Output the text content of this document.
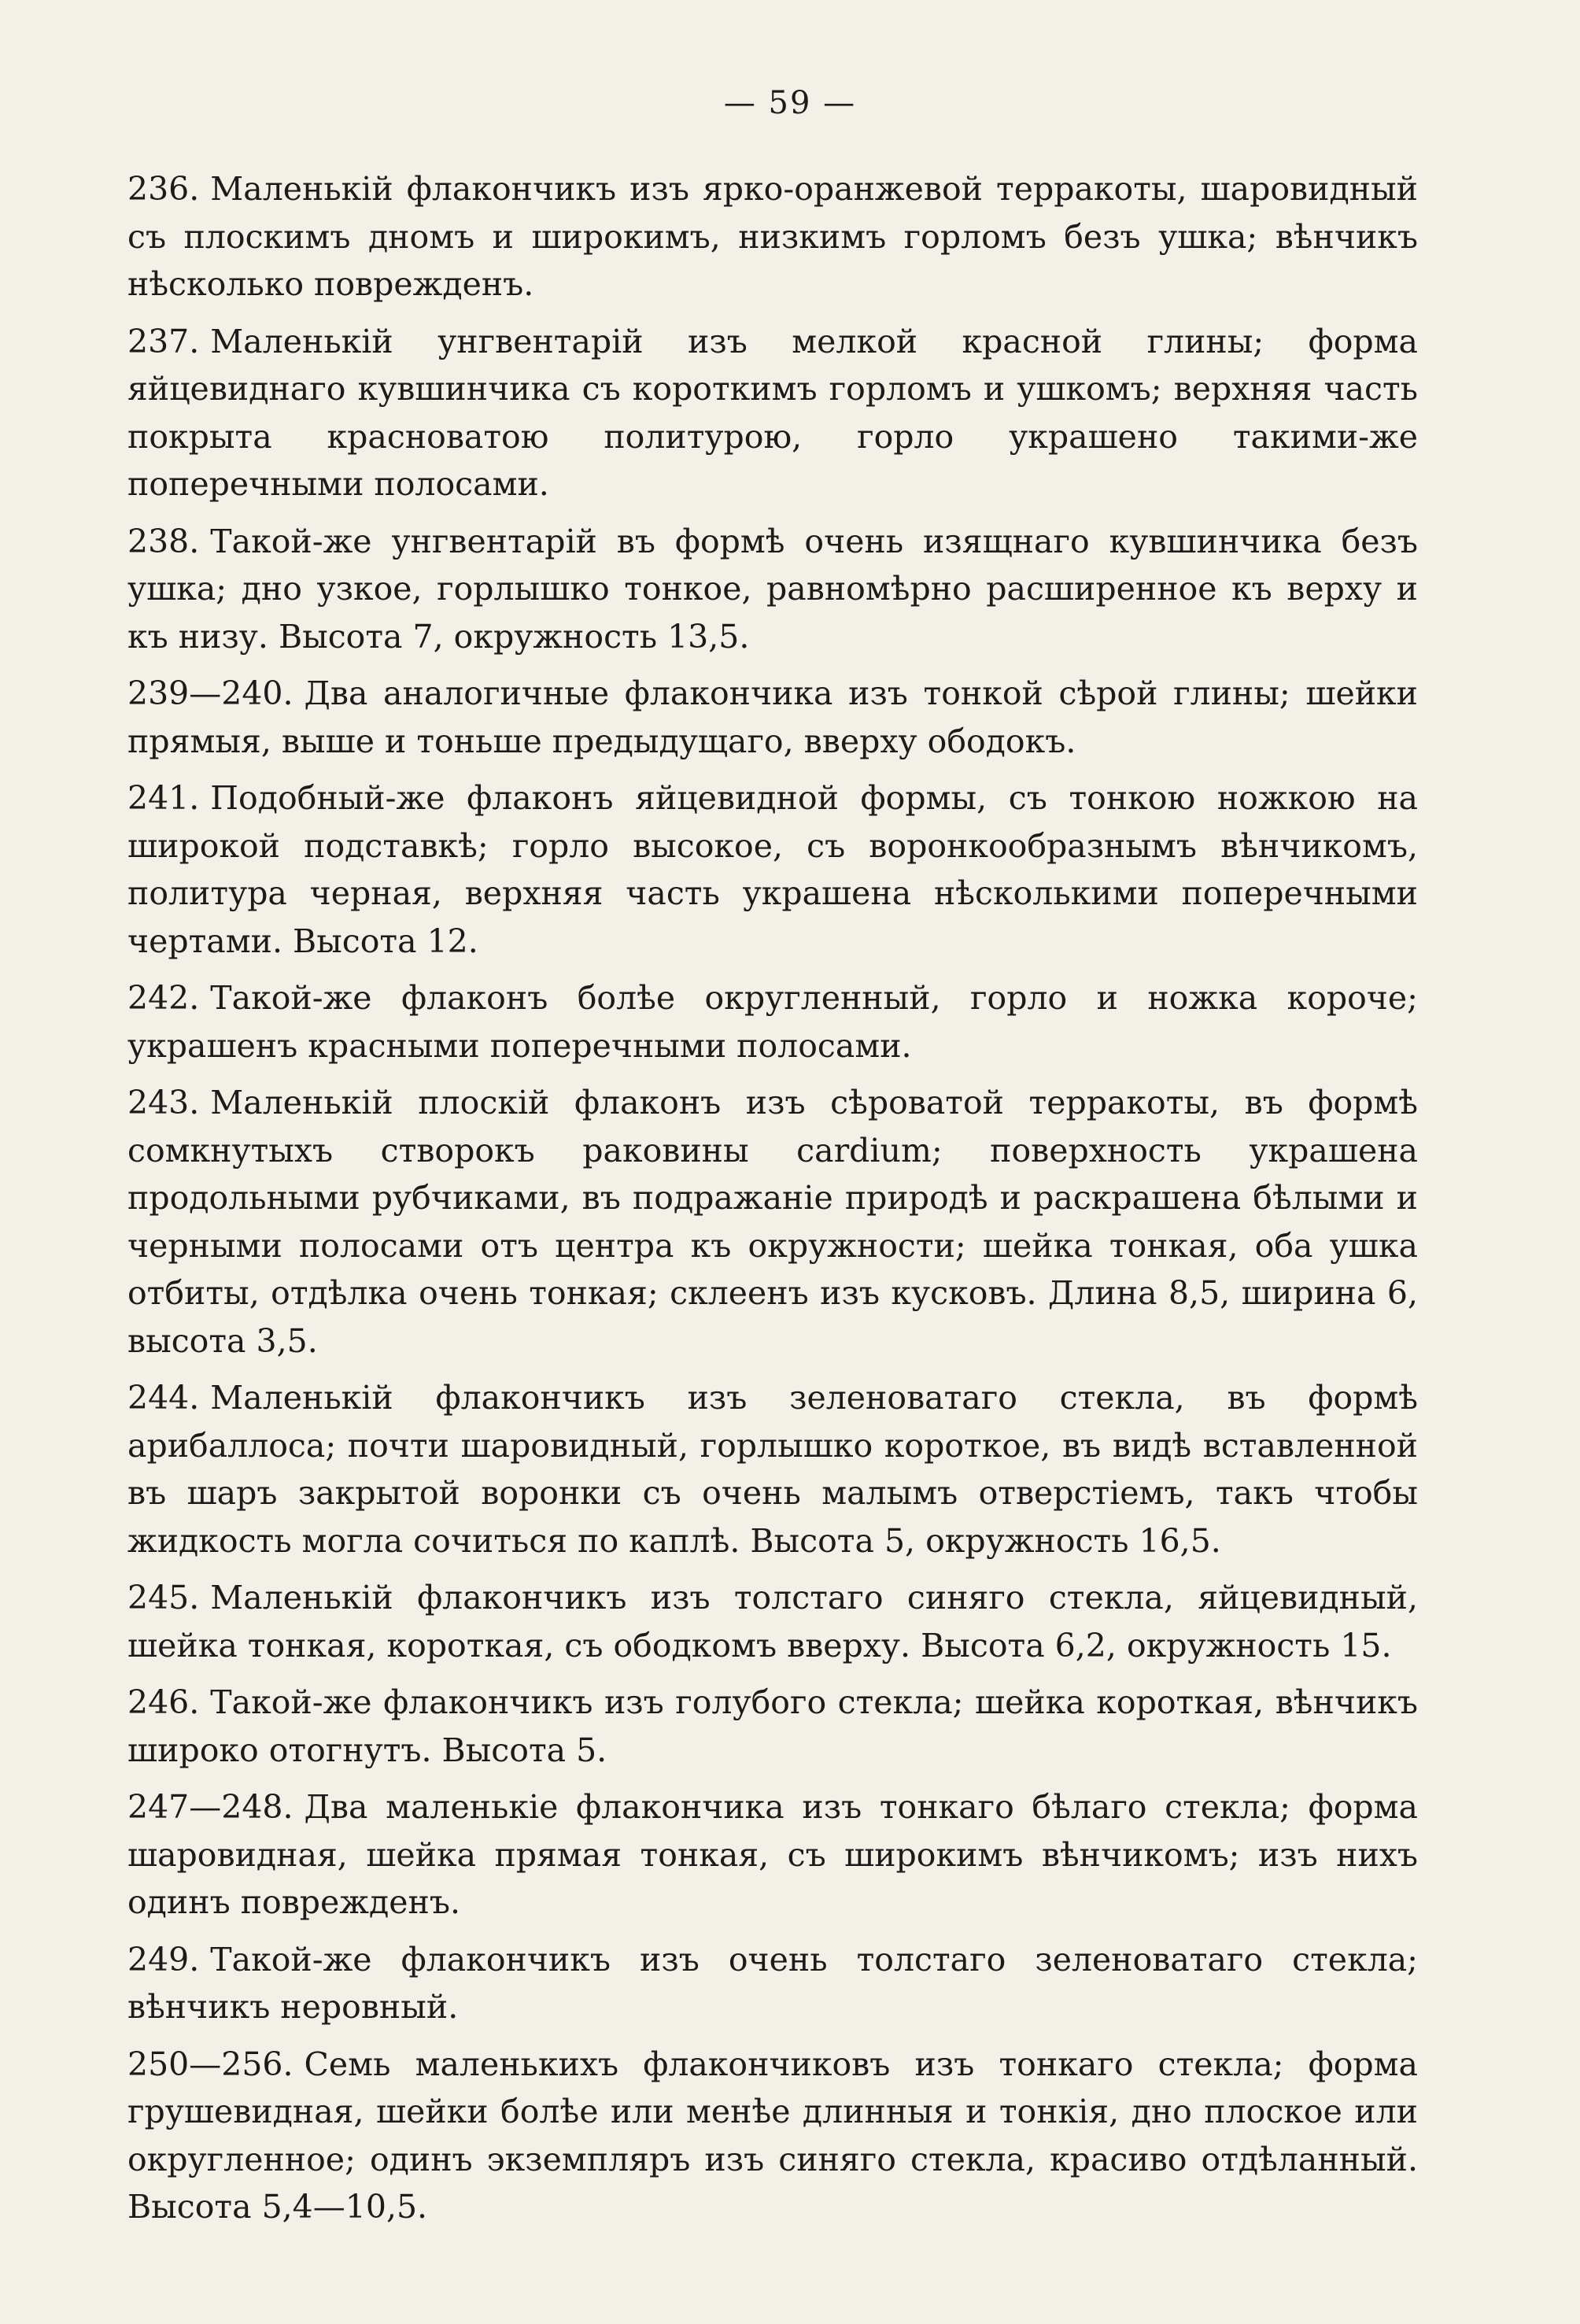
— 59 —

236. Маленькій флакончикъ изъ ярко-оранжевой терракоты, шаровидный съ плоскимъ дномъ и широкимъ, низкимъ горломъ безъ ушка; вѣнчикъ нѣсколько поврежденъ.

237. Маленькій унгвентарій изъ мелкой красной глины; форма яйцевиднаго кувшинчика съ короткимъ горломъ и ушкомъ; верхняя часть покрыта красноватою политурою, горло украшено такими-же поперечными полосами.

238. Такой-же унгвентарій въ формѣ очень изящнаго кувшинчика безъ ушка; дно узкое, горлышко тонкое, равномѣрно расширенное къ верху и къ низу. Высота 7, окружность 13,5.

239—240. Два аналогичные флакончика изъ тонкой сѣрой глины; шейки прямыя, выше и тоньше предыдущаго, вверху ободокъ.

241. Подобный-же флаконъ яйцевидной формы, съ тонкою ножкою на широкой подставкѣ; горло высокое, съ воронкообразнымъ вѣнчикомъ, политура черная, верхняя часть украшена нѣсколькими поперечными чертами. Высота 12.

242. Такой-же флаконъ болѣе округленный, горло и ножка короче; украшенъ красными поперечными полосами.

243. Маленькій плоскій флаконъ изъ сѣроватой терракоты, въ формѣ сомкнутыхъ створокъ раковины cardium; поверхность украшена продольными рубчиками, въ подражаніе природѣ и раскрашена бѣлыми и черными полосами отъ центра къ окружности; шейка тонкая, оба ушка отбиты, отдѣлка очень тонкая; склеенъ изъ кусковъ. Длина 8,5, ширина 6, высота 3,5.

244. Маленькій флакончикъ изъ зеленоватаго стекла, въ формѣ арибаллоса; почти шаровидный, горлышко короткое, въ видѣ вставленной въ шаръ закрытой воронки съ очень малымъ отверстіемъ, такъ чтобы жидкость могла сочиться по каплѣ. Высота 5, окружность 16,5.

245. Маленькій флакончикъ изъ толстаго синяго стекла, яйцевидный, шейка тонкая, короткая, съ ободкомъ вверху. Высота 6,2, окружность 15.

246. Такой-же флакончикъ изъ голубого стекла; шейка короткая, вѣнчикъ широко отогнутъ. Высота 5.

247—248. Два маленькіе флакончика изъ тонкаго бѣлаго стекла; форма шаровидная, шейка прямая тонкая, съ широкимъ вѣнчикомъ; изъ нихъ одинъ поврежденъ.

249. Такой-же флакончикъ изъ очень толстаго зеленоватаго стекла; вѣнчикъ неровный.

250—256. Семь маленькихъ флакончиковъ изъ тонкаго стекла; форма грушевидная, шейки болѣе или менѣе длинныя и тонкія, дно плоское или округленное; одинъ экземпляръ изъ синяго стекла, красиво отдѣланный. Высота 5,4—10,5.
